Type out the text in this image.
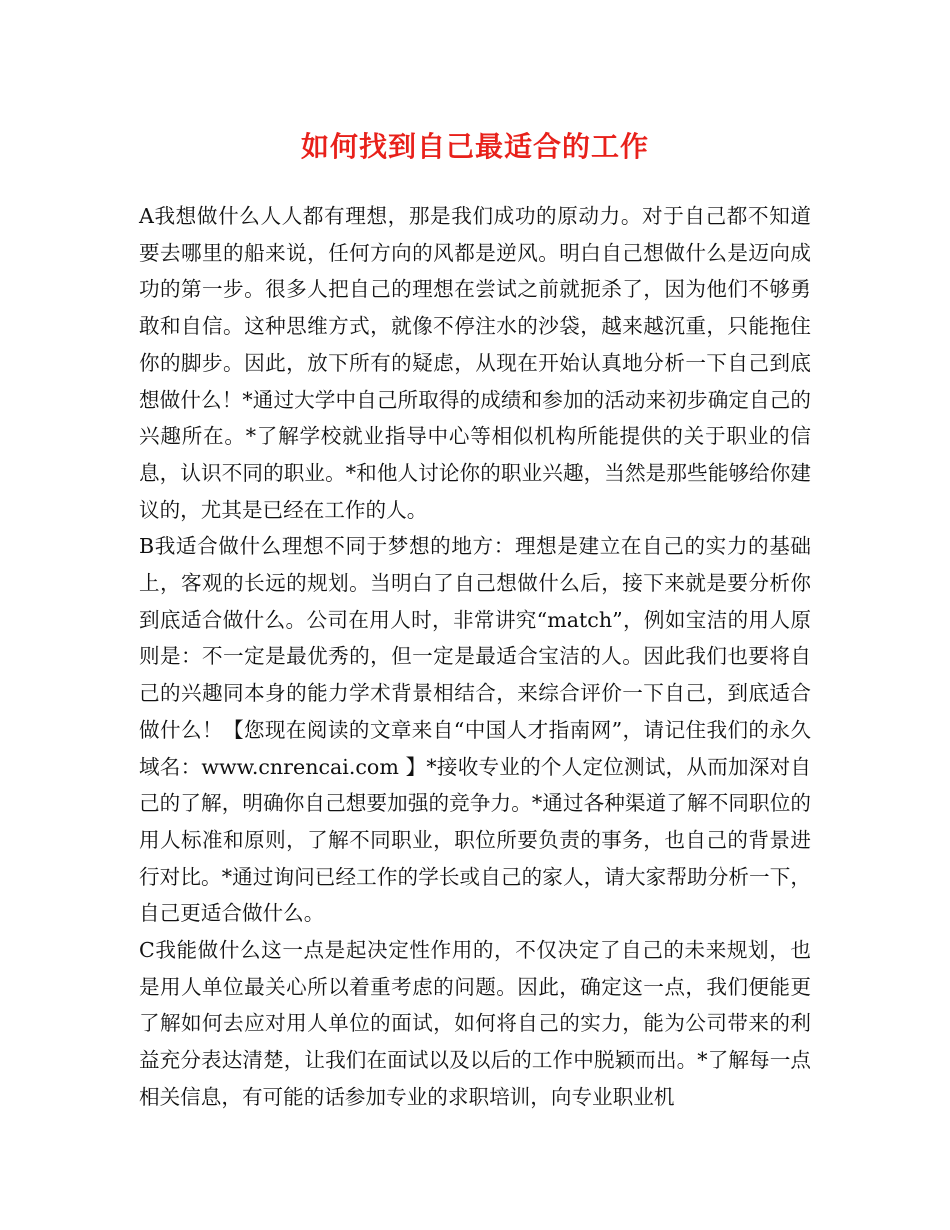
如何找到自己最适合的工作

A我想做什么人人都有理想，那是我们成功的原动力。对于自己都不知道要去哪里的船来说，任何方向的风都是逆风。明白自己想做什么是迈向成功的第一步。很多人把自己的理想在尝试之前就扼杀了，因为他们不够勇敢和自信。这种思维方式，就像不停注水的沙袋，越来越沉重，只能拖住你的脚步。因此，放下所有的疑虑，从现在开始认真地分析一下自己到底想做什么！*通过大学中自己所取得的成绩和参加的活动来初步确定自己的兴趣所在。*了解学校就业指导中心等相似机构所能提供的关于职业的信息，认识不同的职业。*和他人讨论你的职业兴趣，当然是那些能够给你建议的，尤其是已经在工作的人。

B我适合做什么理想不同于梦想的地方：理想是建立在自己的实力的基础上，客观的长远的规划。当明白了自己想做什么后，接下来就是要分析你到底适合做什么。公司在用人时，非常讲究“match”，例如宝洁的用人原则是：不一定是最优秀的，但一定是最适合宝洁的人。因此我们也要将自己的兴趣同本身的能力学术背景相结合，来综合评价一下自己，到底适合做什么！【您现在阅读的文章来自“中国人才指南网”，请记住我们的永久域名：www.cnrencai.com 】*接收专业的个人定位测试，从而加深对自己的了解，明确你自己想要加强的竞争力。*通过各种渠道了解不同职位的用人标准和原则，了解不同职业，职位所要负责的事务，也自己的背景进行对比。*通过询问已经工作的学长或自己的家人，请大家帮助分析一下，自己更适合做什么。

C我能做什么这一点是起决定性作用的，不仅决定了自己的未来规划，也是用人单位最关心所以着重考虑的问题。因此，确定这一点，我们便能更了解如何去应对用人单位的面试，如何将自己的实力，能为公司带来的利益充分表达清楚，让我们在面试以及以后的工作中脱颖而出。*了解每一点相关信息，有可能的话参加专业的求职培训，向专业职业机
